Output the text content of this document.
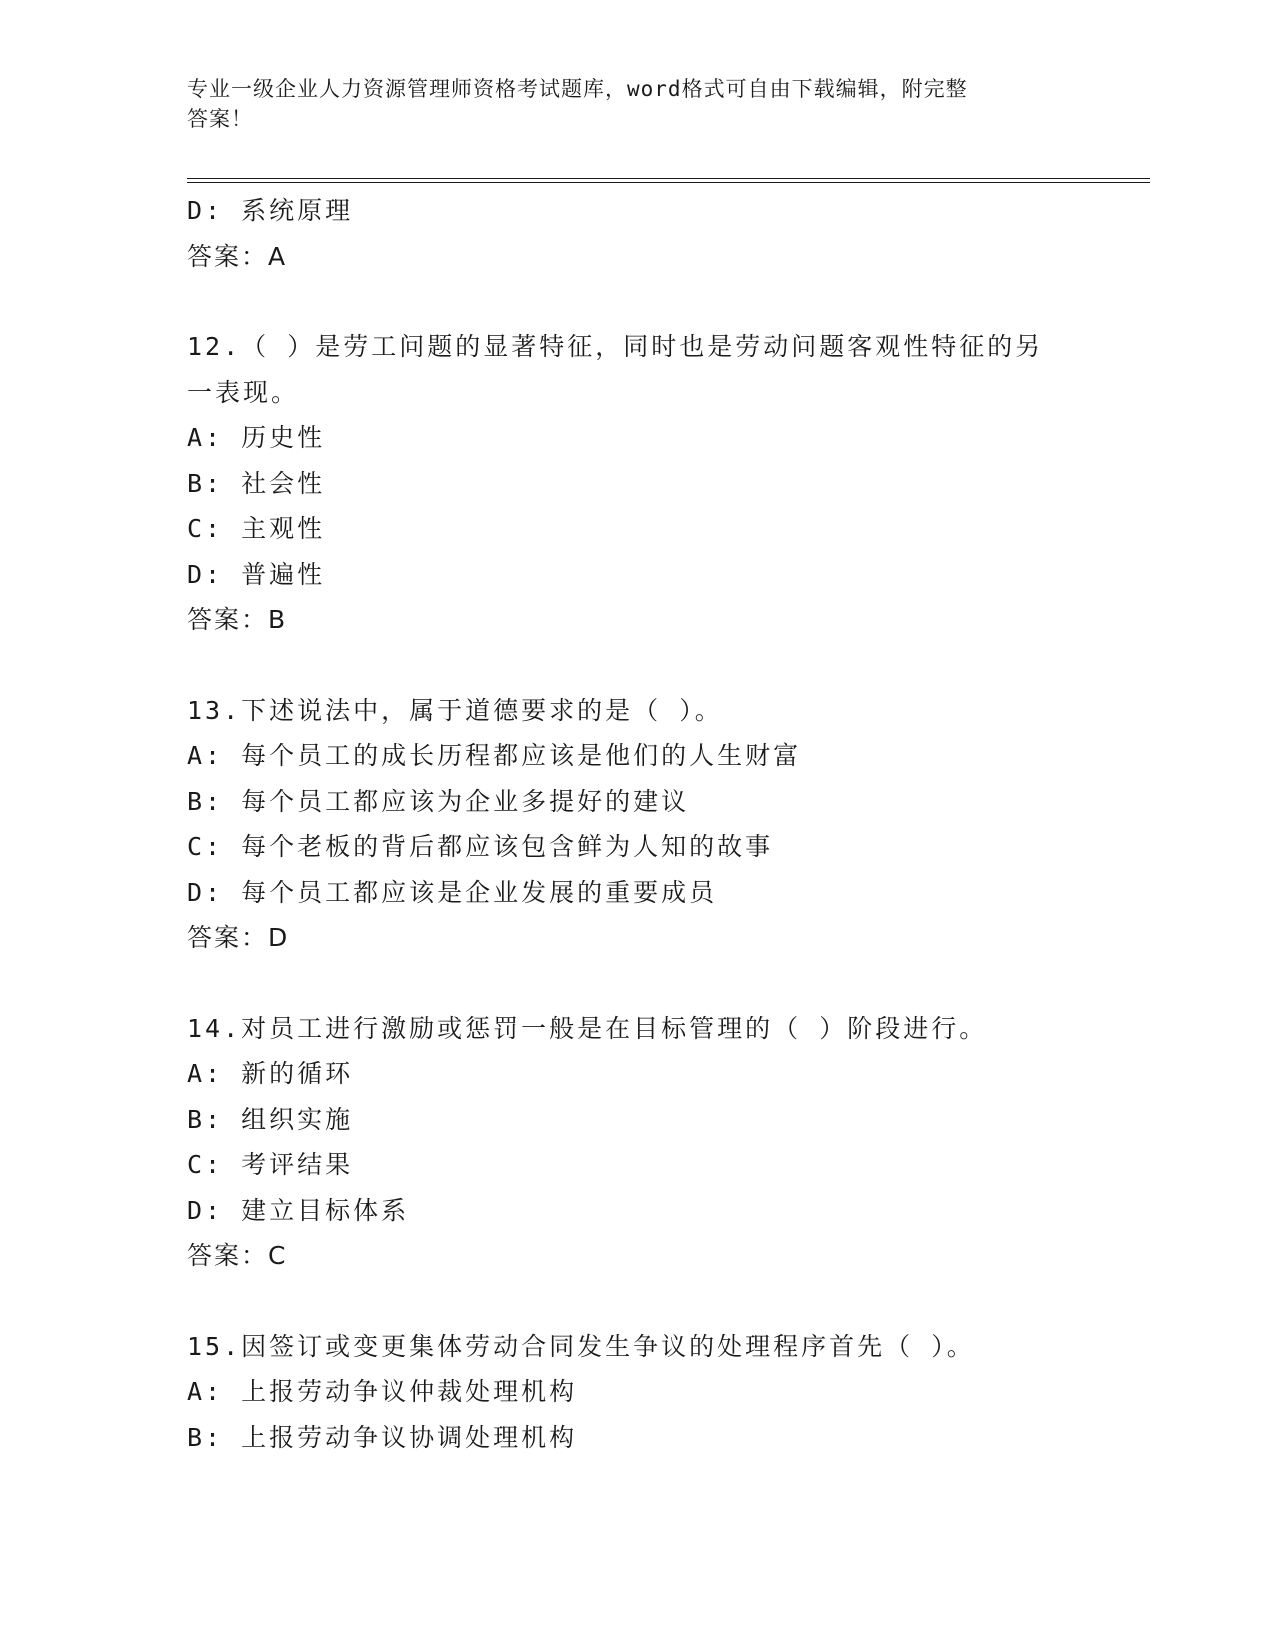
专业一级企业人力资源管理师资格考试题库，word格式可自由下载编辑，附完整
答案！
D: 系统原理
答案：A
12.（ ）是劳工问题的显著特征，同时也是劳动问题客观性特征的另
一表现。
A: 历史性
B: 社会性
C: 主观性
D: 普遍性
答案：B
13.下述说法中，属于道德要求的是（ ）。
A: 每个员工的成长历程都应该是他们的人生财富
B: 每个员工都应该为企业多提好的建议
C: 每个老板的背后都应该包含鲜为人知的故事
D: 每个员工都应该是企业发展的重要成员
答案：D
14.对员工进行激励或惩罚一般是在目标管理的（ ）阶段进行。
A: 新的循环
B: 组织实施
C: 考评结果
D: 建立目标体系
答案：C
15.因签订或变更集体劳动合同发生争议的处理程序首先（ ）。
A: 上报劳动争议仲裁处理机构
B: 上报劳动争议协调处理机构
